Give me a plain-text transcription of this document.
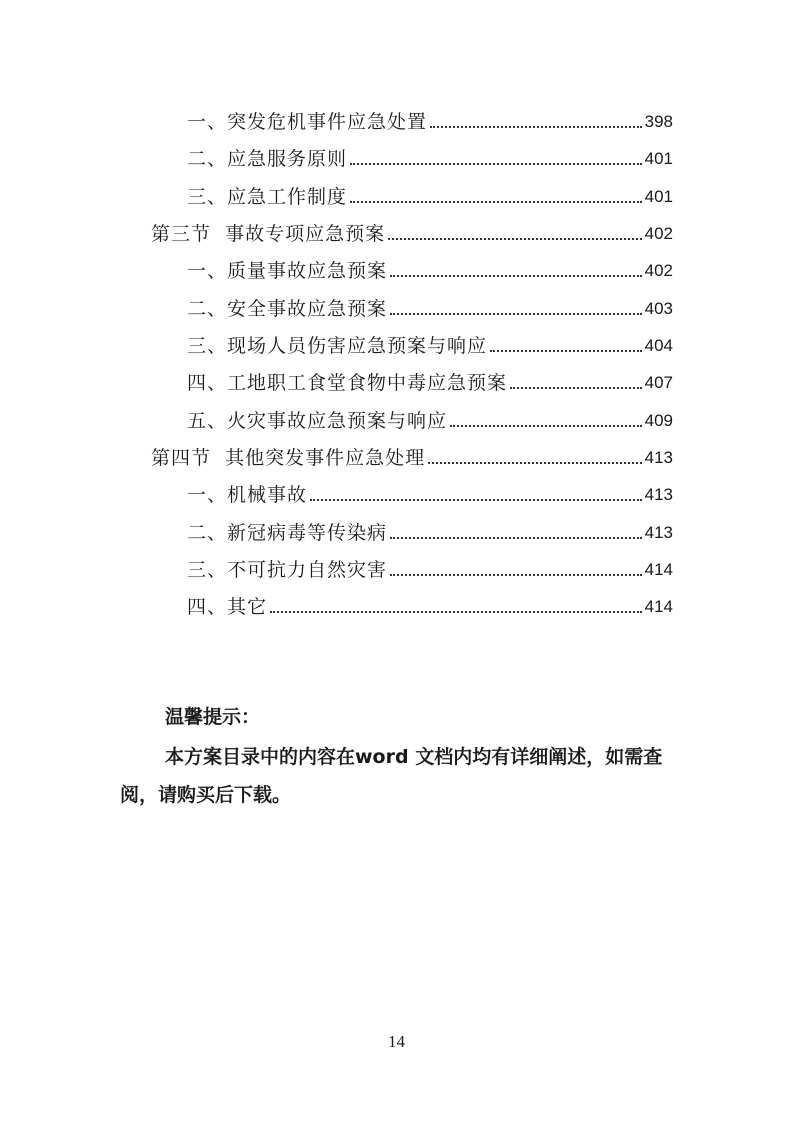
一、突发危机事件应急处置	398
二、应急服务原则	401
三、应急工作制度	401
第三节  事故专项应急预案	402
一、质量事故应急预案	402
二、安全事故应急预案	403
三、现场人员伤害应急预案与响应	404
四、工地职工食堂食物中毒应急预案	407
五、火灾事故应急预案与响应	409
第四节  其他突发事件应急处理	413
一、机械事故	413
二、新冠病毒等传染病	413
三、不可抗力自然灾害	414
四、其它	414
温馨提示：
本方案目录中的内容在word 文档内均有详细阐述，如需查阅，请购买后下载。
14
